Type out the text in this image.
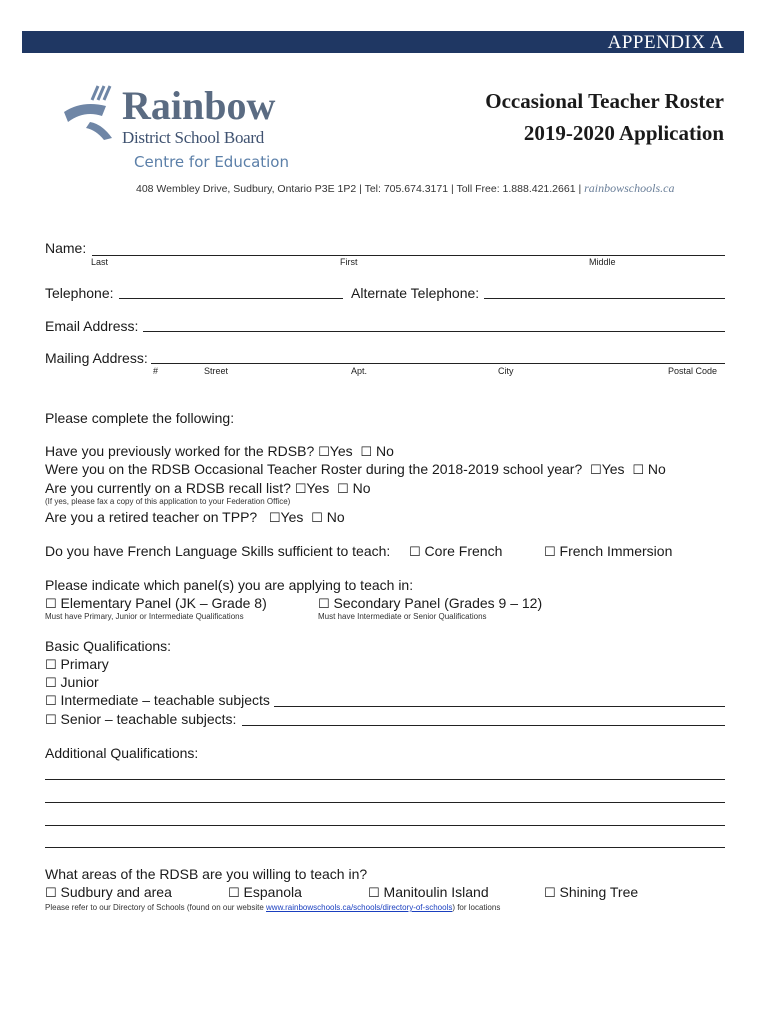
APPENDIX A
Rainbow
District School Board
Centre for Education
408 Wembley Drive, Sudbury, Ontario P3E 1P2 | Tel: 705.674.3171 | Toll Free: 1.888.421.2661 | rainbowschools.ca
Occasional Teacher Roster
2019-2020 Application
Name:
Last	First	Middle
Telephone:	Alternate Telephone:
Email Address:
Mailing Address:
#	Street	Apt.	City	Postal Code
Please complete the following:
Have you previously worked for the RDSB? ☐Yes ☐ No
Were you on the RDSB Occasional Teacher Roster during the 2018-2019 school year? ☐Yes ☐ No
Are you currently on a RDSB recall list? ☐Yes ☐ No
(If yes, please fax a copy of this application to your Federation Office)
Are you a retired teacher on TPP? ☐Yes ☐ No
Do you have French Language Skills sufficient to teach: ☐ Core French	☐ French Immersion
Please indicate which panel(s) you are applying to teach in:
☐ Elementary Panel (JK – Grade 8)
Must have Primary, Junior or Intermediate Qualifications
☐ Secondary Panel (Grades 9 – 12)
Must have Intermediate or Senior Qualifications
Basic Qualifications:
☐ Primary
☐ Junior
☐ Intermediate – teachable subjects
☐ Senior – teachable subjects:
Additional Qualifications:
What areas of the RDSB are you willing to teach in?
☐ Sudbury and area	☐ Espanola	☐ Manitoulin Island	☐ Shining Tree
Please refer to our Directory of Schools (found on our website www.rainbowschools.ca/schools/directory-of-schools) for locations
